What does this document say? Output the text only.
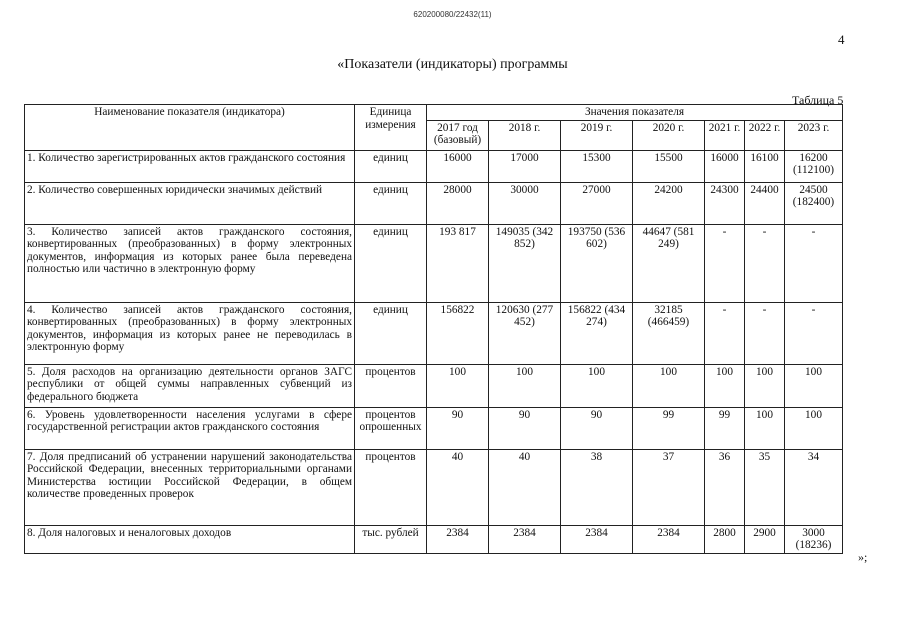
620200080/22432(11)
4
«Показатели (индикаторы) программы
Таблица 5
Наименование показателя (индикатора)	Единица измерения	Значения показателя						
		2017 год (базовый)	2018 г.	2019 г.	2020 г.	2021 г.	2022 г.	2023 г.
1. Количество зарегистрированных актов гражданского состояния	единиц	16000	17000	15300	15500	16000	16100	16200 (112100)
2. Количество совершенных юридически значимых действий	единиц	28000	30000	27000	24200	24300	24400	24500 (182400)
3. Количество записей актов гражданского состояния, конвертированных (преобразованных) в форму электронных документов, информация из которых ранее была переведена полностью или частично в электронную форму	единиц	193 817	149035 (342 852)	193750 (536 602)	44647 (581 249)	-	-	-
4. Количество записей актов гражданского состояния, конвертированных (преобразованных) в форму электронных документов, информация из которых ранее не переводилась в электронную форму	единиц	156822	120630 (277 452)	156822 (434 274)	32185 (466459)	-	-	-
5. Доля расходов на организацию деятельности органов ЗАГС республики от общей суммы направленных субвенций из федерального бюджета	процентов	100	100	100	100	100	100	100
6. Уровень удовлетворенности населения услугами в сфере государственной регистрации актов гражданского состояния	процентов опрошенных	90	90	90	99	99	100	100
7. Доля предписаний об устранении нарушений законодательства Российской Федерации, внесенных территориальными органами Министерства юстиции Российской Федерации, в общем количестве проведенных проверок	процентов	40	40	38	37	36	35	34
8. Доля налоговых и неналоговых доходов	тыс. рублей	2384	2384	2384	2384	2800	2900	3000 (18236)
»;
